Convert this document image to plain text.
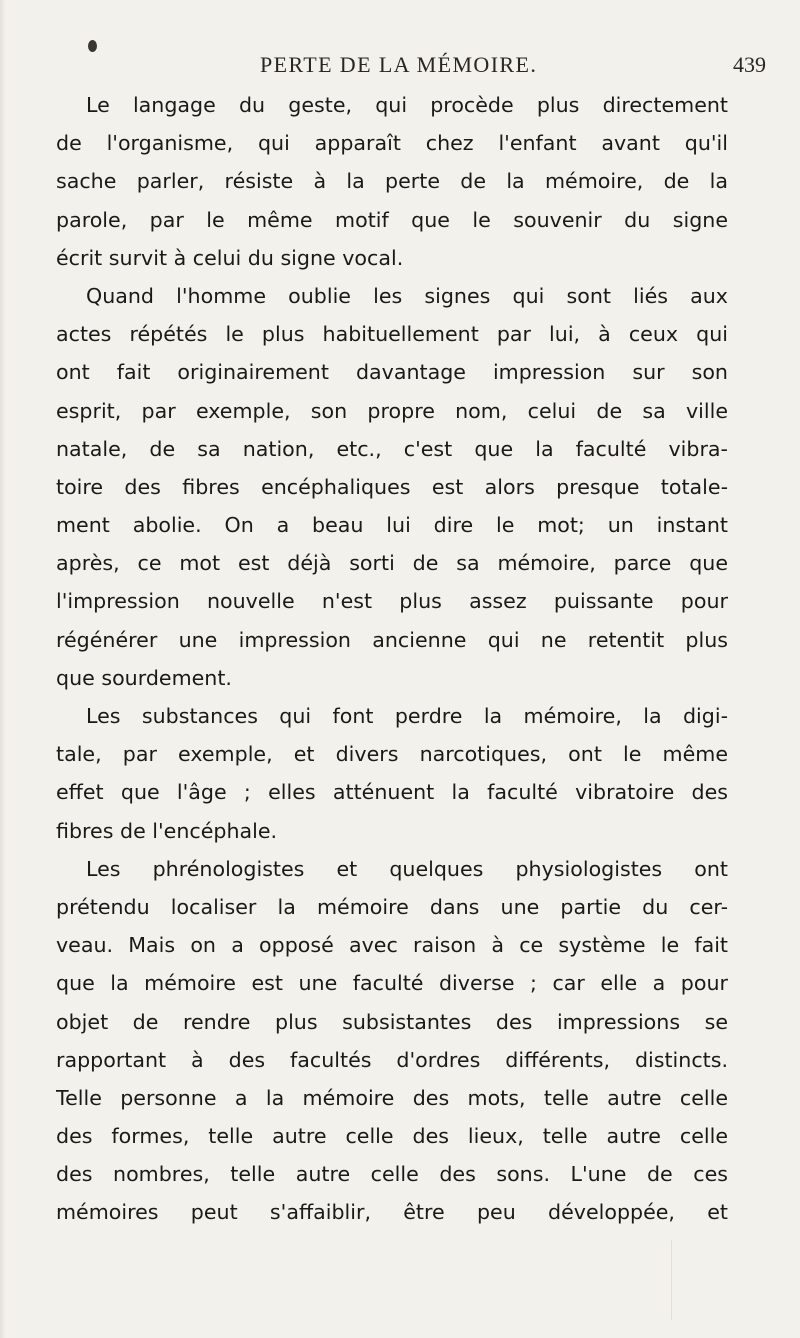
PERTE DE LA MÉMOIRE.	439
Le langage du geste, qui procède plus directement
de l'organisme, qui apparaît chez l'enfant avant qu'il
sache parler, résiste à la perte de la mémoire, de la
parole, par le même motif que le souvenir du signe
écrit survit à celui du signe vocal.
Quand l'homme oublie les signes qui sont liés aux
actes répétés le plus habituellement par lui, à ceux qui
ont fait originairement davantage impression sur son
esprit, par exemple, son propre nom, celui de sa ville
natale, de sa nation, etc., c'est que la faculté vibra-
toire des fibres encéphaliques est alors presque totale-
ment abolie. On a beau lui dire le mot; un instant
après, ce mot est déjà sorti de sa mémoire, parce que
l'impression nouvelle n'est plus assez puissante pour
régénérer une impression ancienne qui ne retentit plus
que sourdement.
Les substances qui font perdre la mémoire, la digi-
tale, par exemple, et divers narcotiques, ont le même
effet que l'âge ; elles atténuent la faculté vibratoire des
fibres de l'encéphale.
Les phrénologistes et quelques physiologistes ont
prétendu localiser la mémoire dans une partie du cer-
veau. Mais on a opposé avec raison à ce système le fait
que la mémoire est une faculté diverse ; car elle a pour
objet de rendre plus subsistantes des impressions se
rapportant à des facultés d'ordres différents, distincts.
Telle personne a la mémoire des mots, telle autre celle
des formes, telle autre celle des lieux, telle autre celle
des nombres, telle autre celle des sons. L'une de ces
mémoires peut s'affaiblir, être peu développée, et
